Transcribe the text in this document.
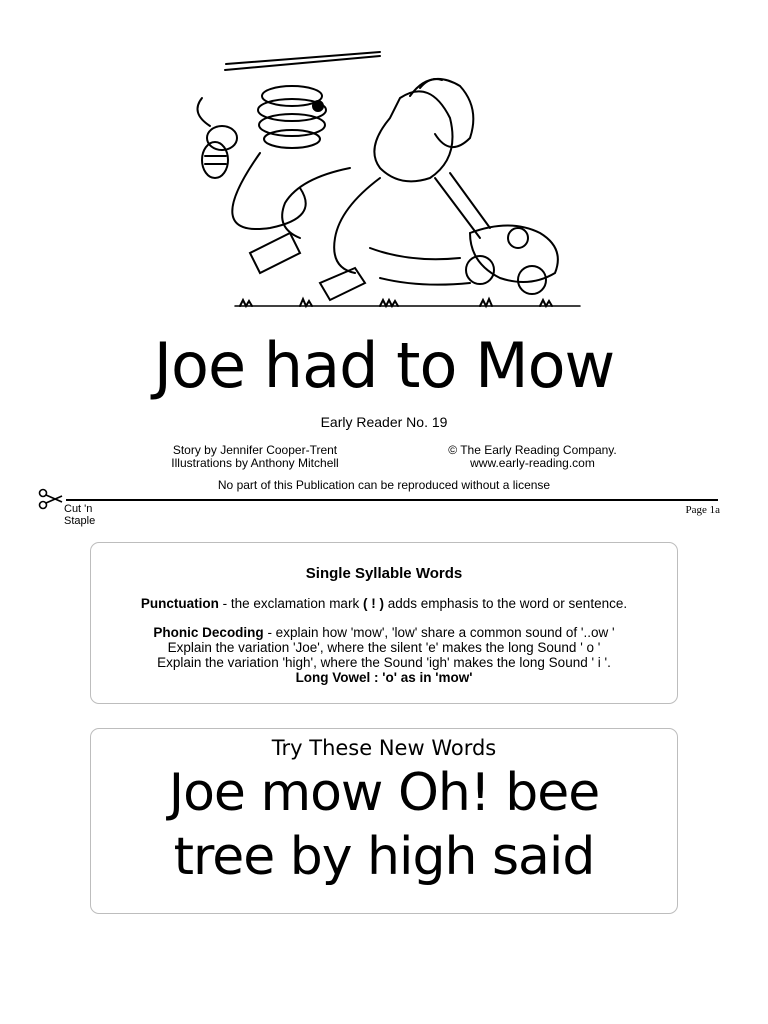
Joe had to Mow
Early Reader No. 19
Story by Jennifer Cooper-Trent
Illustrations by Anthony Mitchell
© The Early Reading Company.
www.early-reading.com
No part of this Publication can be reproduced without a license
Cut 'n
Staple
Page 1a
Single Syllable Words
Punctuation - the exclamation mark ( ! ) adds emphasis to the word or sentence.
Phonic Decoding - explain how 'mow', 'low' share a common sound of '..ow '
Explain the variation 'Joe', where the silent 'e' makes the long Sound ' o '
Explain the variation 'high', where the Sound 'igh' makes the long Sound ' i '.
Long Vowel : 'o' as in 'mow'
Try These New Words
Joe mow Oh! bee
tree by high said
